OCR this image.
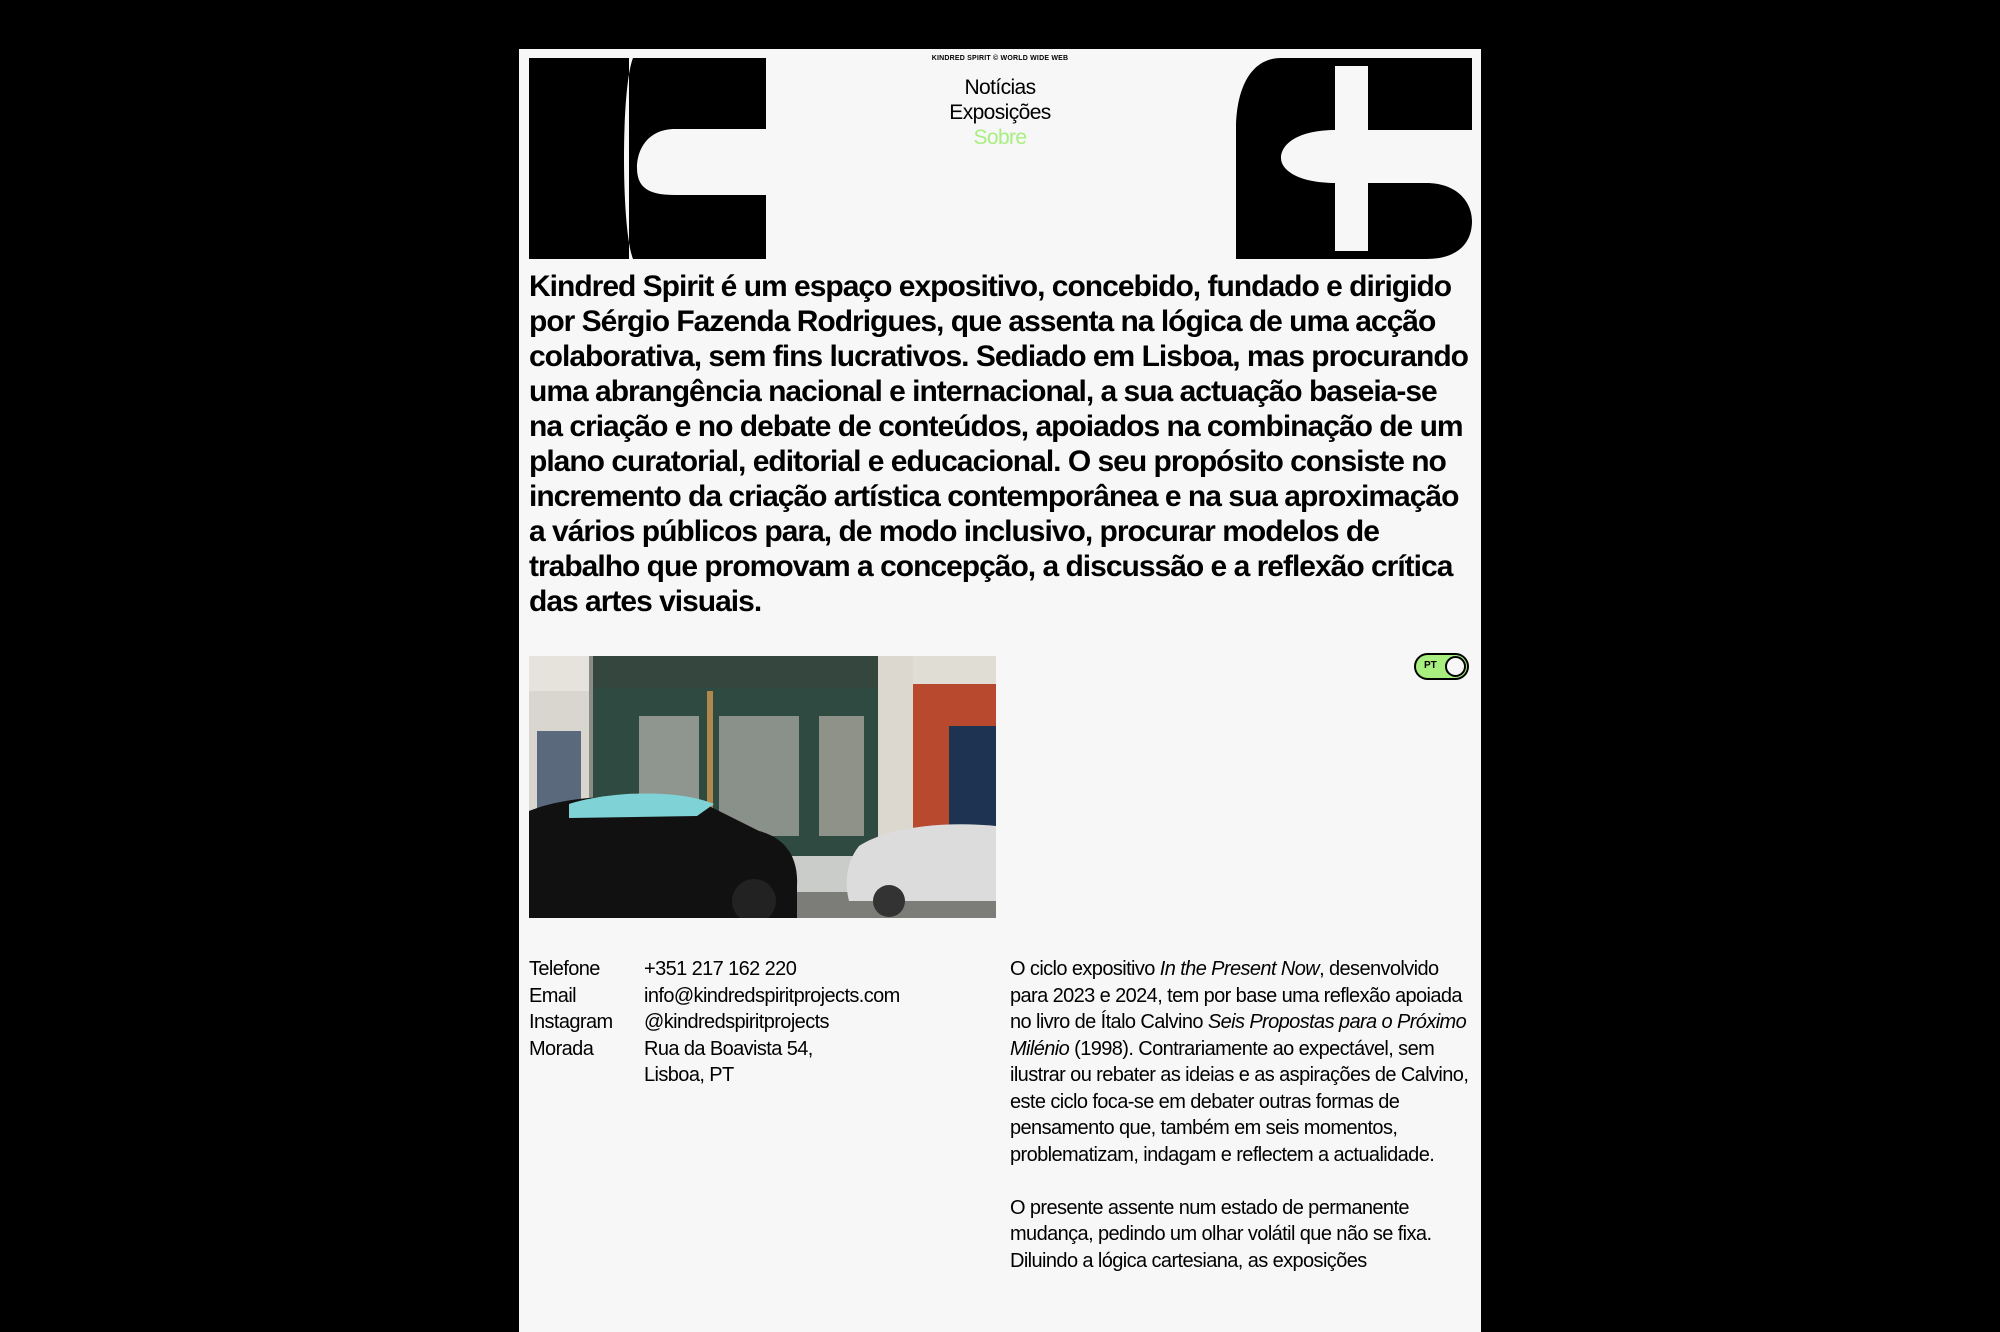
KINDRED SPIRIT © WORLD WIDE WEB
Notícias
Exposições
Sobre

Kindred Spirit é um espaço expositivo, concebido, fundado e dirigido por Sérgio Fazenda Rodrigues, que assenta na lógica de uma acção colaborativa, sem fins lucrativos. Sediado em Lisboa, mas procurando uma abrangência nacional e internacional, a sua actuação baseia-se na criação e no debate de conteúdos, apoiados na combinação de um plano curatorial, editorial e educacional. O seu propósito consiste no incremento da criação artística contemporânea e na sua aproximação a vários públicos para, de modo inclusivo, procurar modelos de trabalho que promovam a concepção, a discussão e a reflexão crítica das artes visuais.

PT
Telefone	+351 217 162 220
Email	info@kindredspiritprojects.com
Instagram	@kindredspiritprojects
Morada	Rua da Boavista 54,
Lisboa, PT

O ciclo expositivo In the Present Now, desenvolvido para 2023 e 2024, tem por base uma reflexão apoiada no livro de Ítalo Calvino Seis Propostas para o Próximo Milénio (1998). Contrariamente ao expectável, sem ilustrar ou rebater as ideias e as aspirações de Calvino, este ciclo foca-se em debater outras formas de pensamento que, também em seis momentos, problematizam, indagam e reflectem a actualidade.

O presente assente num estado de permanente mudança, pedindo um olhar volátil que não se fixa. Diluindo a lógica cartesiana, as exposições
